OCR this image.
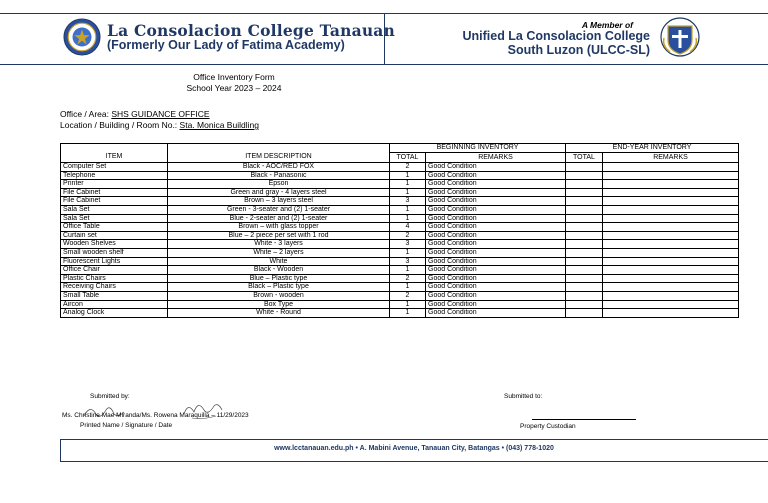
La Consolacion College Tanauan
(Formerly Our Lady of Fatima Academy)
A Member of
Unified La Consolacion College
South Luzon (ULCC-SL)
Office Inventory Form
School Year 2023 – 2024
Office / Area: SHS GUIDANCE OFFICE
Location / Building / Room No.: Sta. Monica Buildling
		BEGINNING INVENTORY		END-YEAR INVENTORY	
ITEM	ITEM DESCRIPTION	TOTAL	REMARKS	TOTAL	REMARKS
Computer Set	Black - AOC/RED FOX	2	Good Condition		
Telephone	Black - Panasonic	1	Good Condition		
Printer	Epson	1	Good Condition		
File Cabinet	Green and gray - 4 layers steel	1	Good Condition		
File Cabinet	Brown – 3 layers steel	3	Good Condition		
Sala Set	Green - 3-seater and (2) 1-seater	1	Good Condition		
Sala Set	Blue - 2-seater and (2) 1-seater	1	Good Condition		
Office Table	Brown – with glass topper	4	Good Condition		
Curtain set	Blue – 2 piece per set with 1 rod	2	Good Condition		
Wooden Shelves	White - 3 layers	3	Good Condition		
Small wooden shelf	White – 2 layers	1	Good Condition		
Fluorescent Lights	White	3	Good Condition		
Office Chair	Black - Wooden	1	Good Condition		
Plastic Chairs	Blue – Plastic type	2	Good Condition		
Receiving Chairs	Black – Plastic type	1	Good Condition		
Small Table	Brown - wooden	2	Good Condition		
Aircon	Box Type	1	Good Condition		
Analog Clock	White - Round	1	Good Condition		
Submitted by:	Submitted to:
Ms. Christine Mae Miranda/Ms. Rowena Maraquilla – 11/29/2023
Printed Name / Signature / Date	Property Custodian
www.lcctanauan.edu.ph • A. Mabini Avenue, Tanauan City, Batangas • (043) 778-1020
